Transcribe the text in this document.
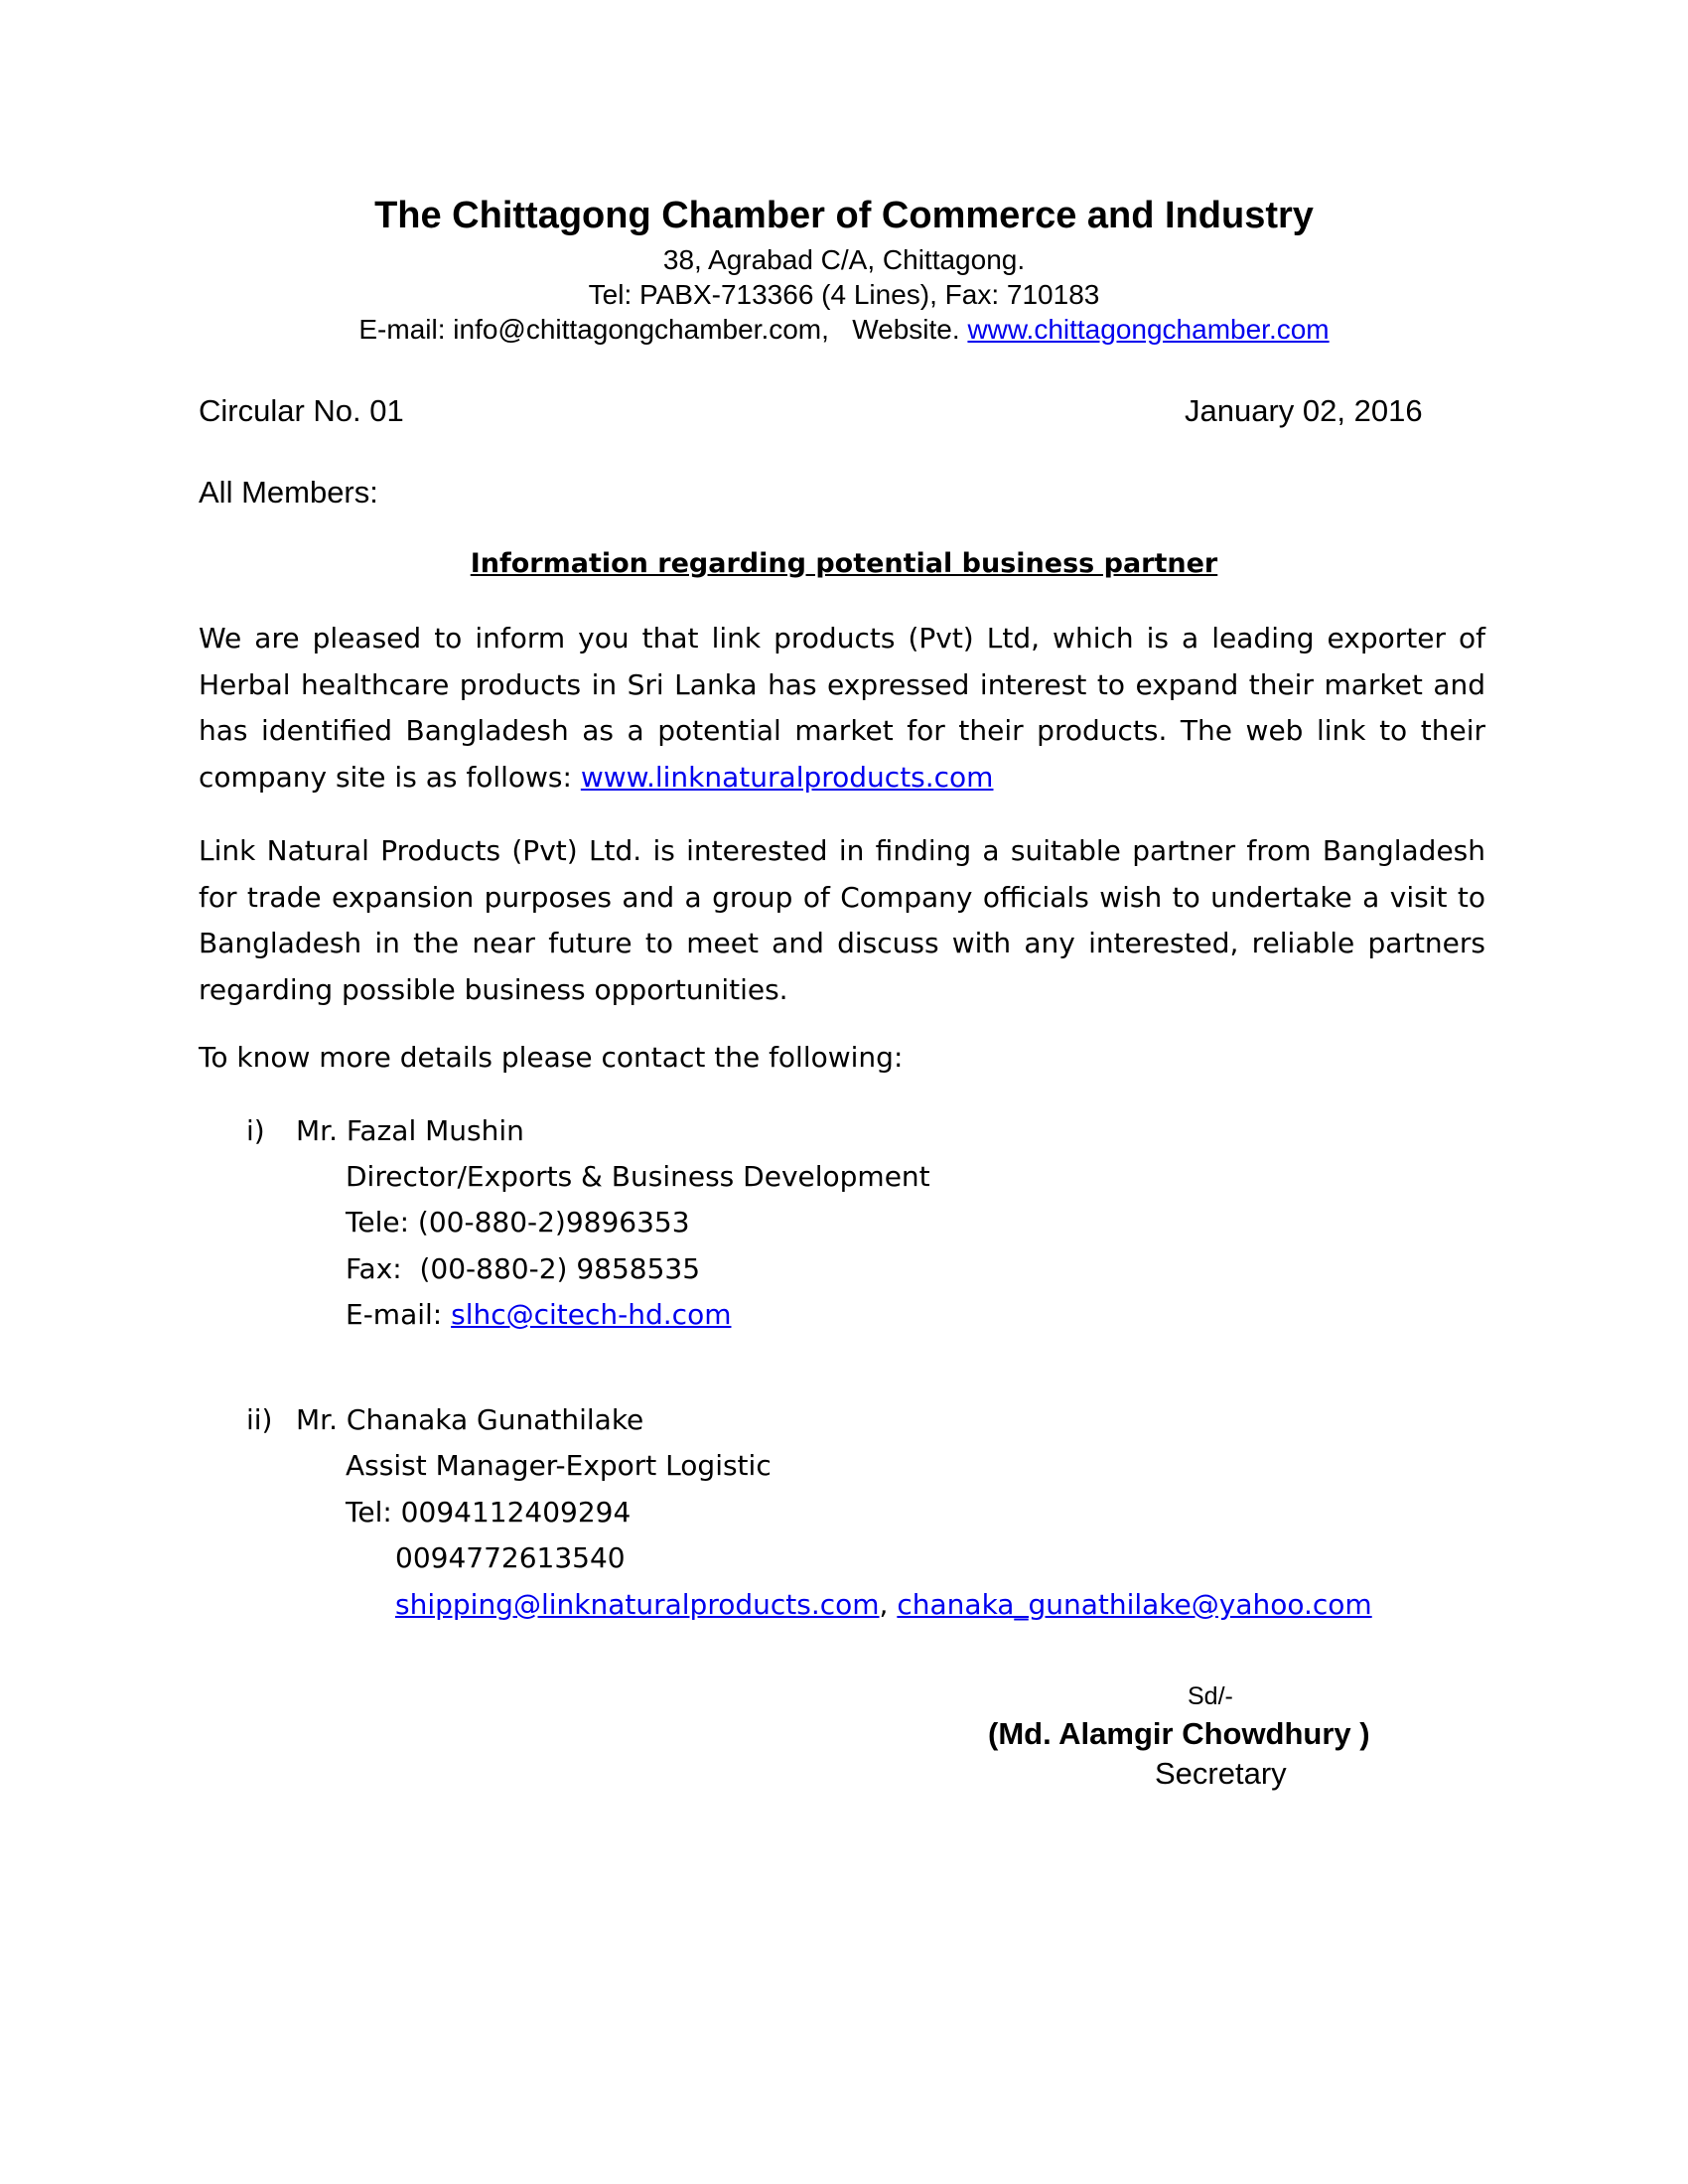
The Chittagong Chamber of Commerce and Industry
38, Agrabad C/A, Chittagong.
Tel: PABX-713366 (4 Lines), Fax: 710183
E-mail: info@chittagongchamber.com,   Website. www.chittagongchamber.com
Circular No. 01	January 02, 2016
All Members:
Information regarding potential business partner
We are pleased to inform you that link products (Pvt) Ltd, which is a leading exporter of Herbal healthcare products in Sri Lanka has expressed interest to expand their market and has identified Bangladesh as a potential market for their products. The web link to their company site is as follows: www.linknaturalproducts.com
Link Natural Products (Pvt) Ltd. is interested in finding a suitable partner from Bangladesh for trade expansion purposes and a group of Company officials wish to undertake a visit to Bangladesh in the near future to meet and discuss with any interested, reliable partners regarding possible business opportunities.
To know more details please contact the following:
i) Mr. Fazal Mushin
Director/Exports & Business Development
Tele: (00-880-2)9896353
Fax:  (00-880-2) 9858535
E-mail: slhc@citech-hd.com
ii) Mr. Chanaka Gunathilake
Assist Manager-Export Logistic
Tel: 0094112409294
0094772613540
shipping@linknaturalproducts.com, chanaka_gunathilake@yahoo.com
Sd/-
(Md. Alamgir Chowdhury )
Secretary
